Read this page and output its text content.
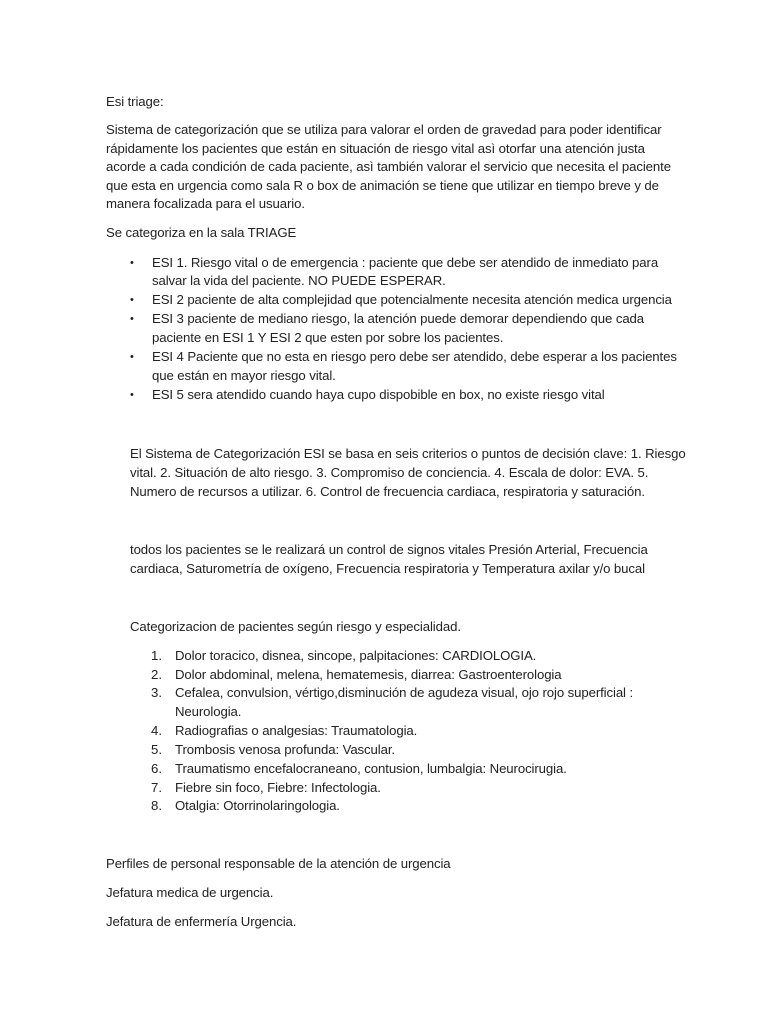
Esi triage:
Sistema de categorización que se utiliza para valorar el orden de gravedad para poder identificar
rápidamente los pacientes que están en situación de riesgo vital asì otorfar una atención justa
acorde a cada condición de cada paciente, asì también valorar el servicio que necesita el paciente
que esta en urgencia como sala R o box de animación se tiene que utilizar en tiempo breve y de
manera focalizada para el usuario.
Se categoriza en la sala TRIAGE
• ESI 1. Riesgo vital o de emergencia : paciente que debe ser atendido de inmediato para
salvar la vida del paciente. NO PUEDE ESPERAR.
• ESI 2 paciente de alta complejidad que potencialmente necesita atención medica urgencia
• ESI 3 paciente de mediano riesgo, la atención puede demorar dependiendo que cada
paciente en ESI 1 Y ESI 2 que esten por sobre los pacientes.
• ESI 4 Paciente que no esta en riesgo pero debe ser atendido, debe esperar a los pacientes
que están en mayor riesgo vital.
• ESI 5 sera atendido cuando haya cupo dispobible en box, no existe riesgo vital
El Sistema de Categorización ESI se basa en seis criterios o puntos de decisión clave: 1. Riesgo
vital. 2. Situación de alto riesgo. 3. Compromiso de conciencia. 4. Escala de dolor: EVA. 5.
Numero de recursos a utilizar. 6. Control de frecuencia cardiaca, respiratoria y saturación.
todos los pacientes se le realizará un control de signos vitales Presión Arterial, Frecuencia
cardiaca, Saturometría de oxígeno, Frecuencia respiratoria y Temperatura axilar y/o bucal
Categorizacion de pacientes según riesgo y especialidad.
1. Dolor toracico, disnea, sincope, palpitaciones: CARDIOLOGIA.
2. Dolor abdominal, melena, hematemesis, diarrea: Gastroenterologia
3. Cefalea, convulsion, vértigo,disminución de agudeza visual, ojo rojo superficial :
Neurologia.
4. Radiografias o analgesias: Traumatologia.
5. Trombosis venosa profunda: Vascular.
6. Traumatismo encefalocraneano, contusion, lumbalgia: Neurocirugia.
7. Fiebre sin foco, Fiebre: Infectologia.
8. Otalgia: Otorrinolaringologia.
Perfiles de personal responsable de la atención de urgencia
Jefatura medica de urgencia.
Jefatura de enfermería Urgencia.
